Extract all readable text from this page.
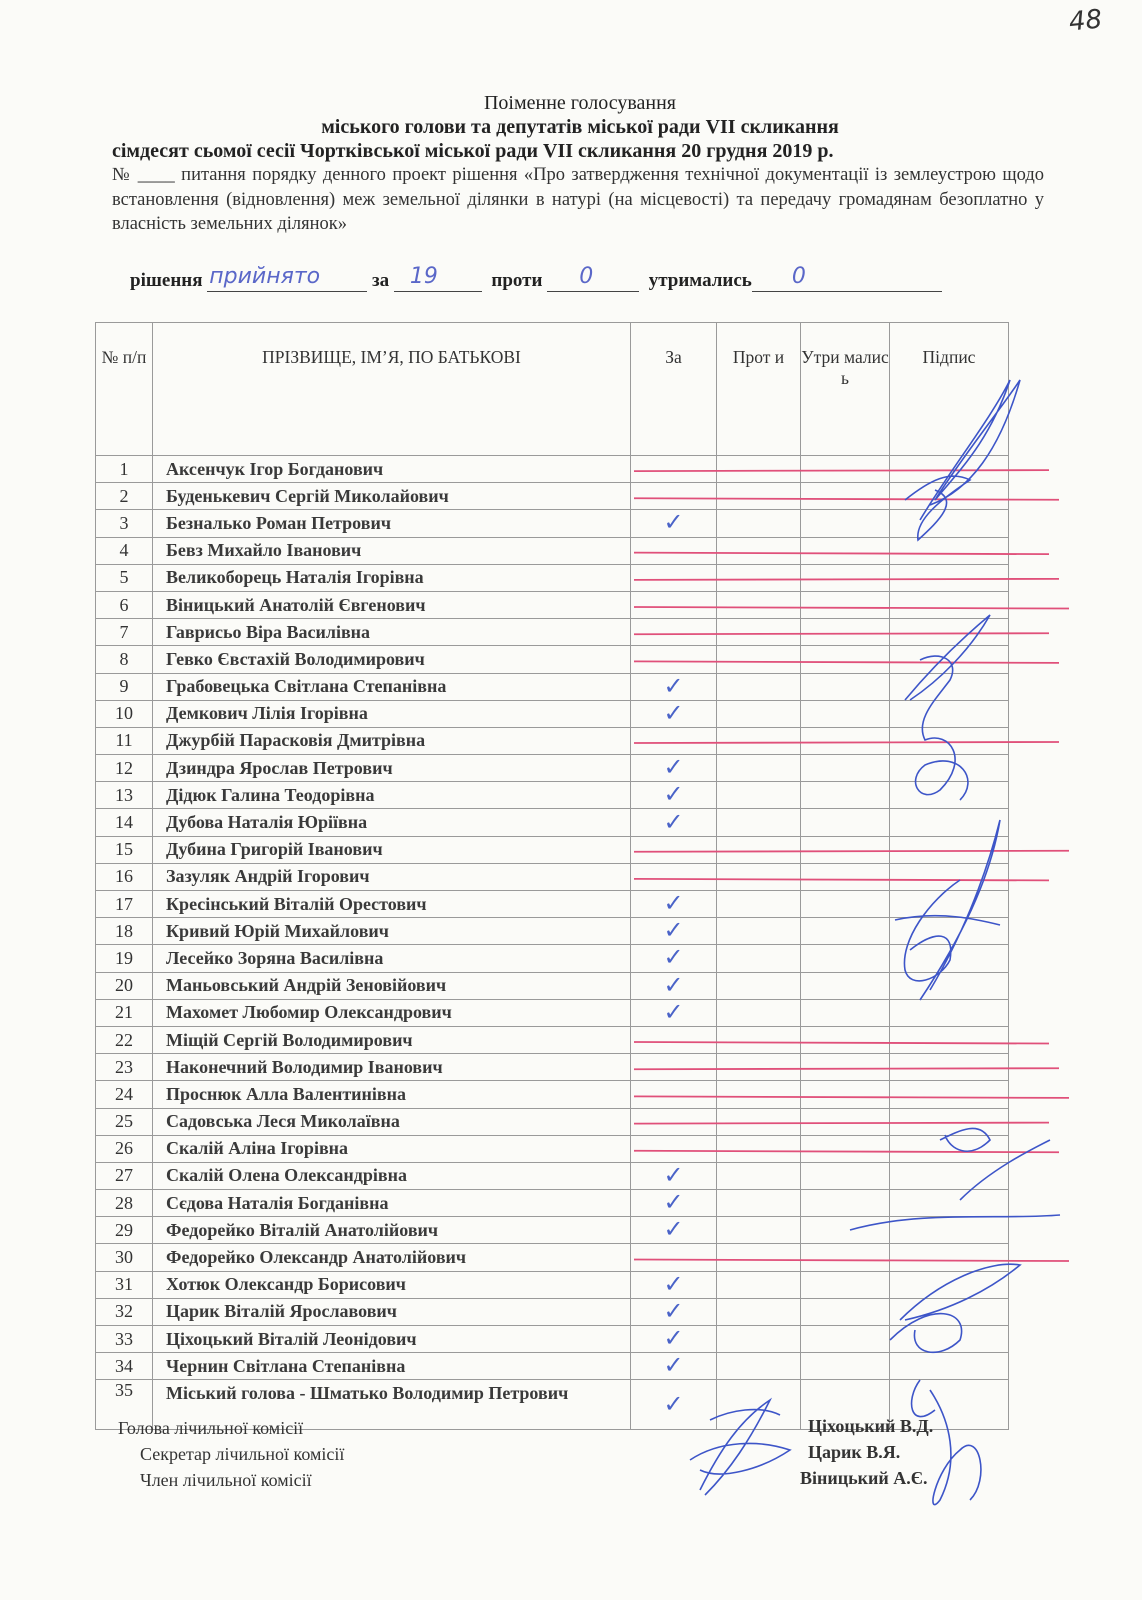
48
Поіменне голосування
міського голови та депутатів міської ради VII скликання
сімдесят сьомої сесії Чортківської міської ради VII скликання 20 грудня 2019 р.
№ ____ питання порядку денного проект рішення «Про затвердження технічної документації із землеустрою щодо встановлення (відновлення) меж земельної ділянки в натурі (на місцевості) та передачу громадянам безоплатно у власність земельних ділянок»
рішення прийнято	за 19	проти 0	утримались 0
№ п/п	ПРІЗВИЩЕ, ІМ’Я, ПО БАТЬКОВІ	За	Прот и	Утри малис ь	Підпис
1	Аксенчук Ігор Богданович				
2	Буденькевич Сергій Миколайович				
3	Безналько Роман Петрович	✓			
4	Бевз Михайло Іванович				
5	Великоборець Наталія Ігорівна				
6	Віницький Анатолій Євгенович				
7	Гаврисьо Віра Василівна				
8	Гевко Євстахій Володимирович				
9	Грабовецька Світлана Степанівна	✓			
10	Демкович Лілія Ігорівна	✓			
11	Джурбій Парасковія Дмитрівна				
12	Дзиндра Ярослав Петрович	✓			
13	Дідюк Галина Теодорівна	✓			
14	Дубова Наталія Юріївна	✓			
15	Дубина Григорій Іванович				
16	Зазуляк Андрій Ігорович				
17	Кресінський Віталій Орестович	✓			
18	Кривий Юрій Михайлович	✓			
19	Лесейко Зоряна Василівна	✓			
20	Маньовський Андрій Зеновійович	✓			
21	Махомет Любомир Олександрович	✓			
22	Міщій Сергій Володимирович				
23	Наконечний Володимир Іванович				
24	Проснюк Алла Валентинівна				
25	Садовська Леся Миколаївна				
26	Скалій Аліна Ігорівна				
27	Скалій Олена Олександрівна	✓			
28	Сєдова Наталія Богданівна	✓			
29	Федорейко Віталій Анатолійович	✓			
30	Федорейко Олександр Анатолійович				
31	Хотюк Олександр Борисович	✓			
32	Царик Віталій Ярославович	✓			
33	Ціхоцький Віталій Леонідович	✓			
34	Чернин Світлана Степанівна	✓			
35	Міський голова - Шматько Володимир Петрович	✓			
Голова лічильної комісії
Секретар лічильної комісії
Член лічильної комісії
Ціхоцький В.Д.
Царик В.Я.
Віницький А.Є.
